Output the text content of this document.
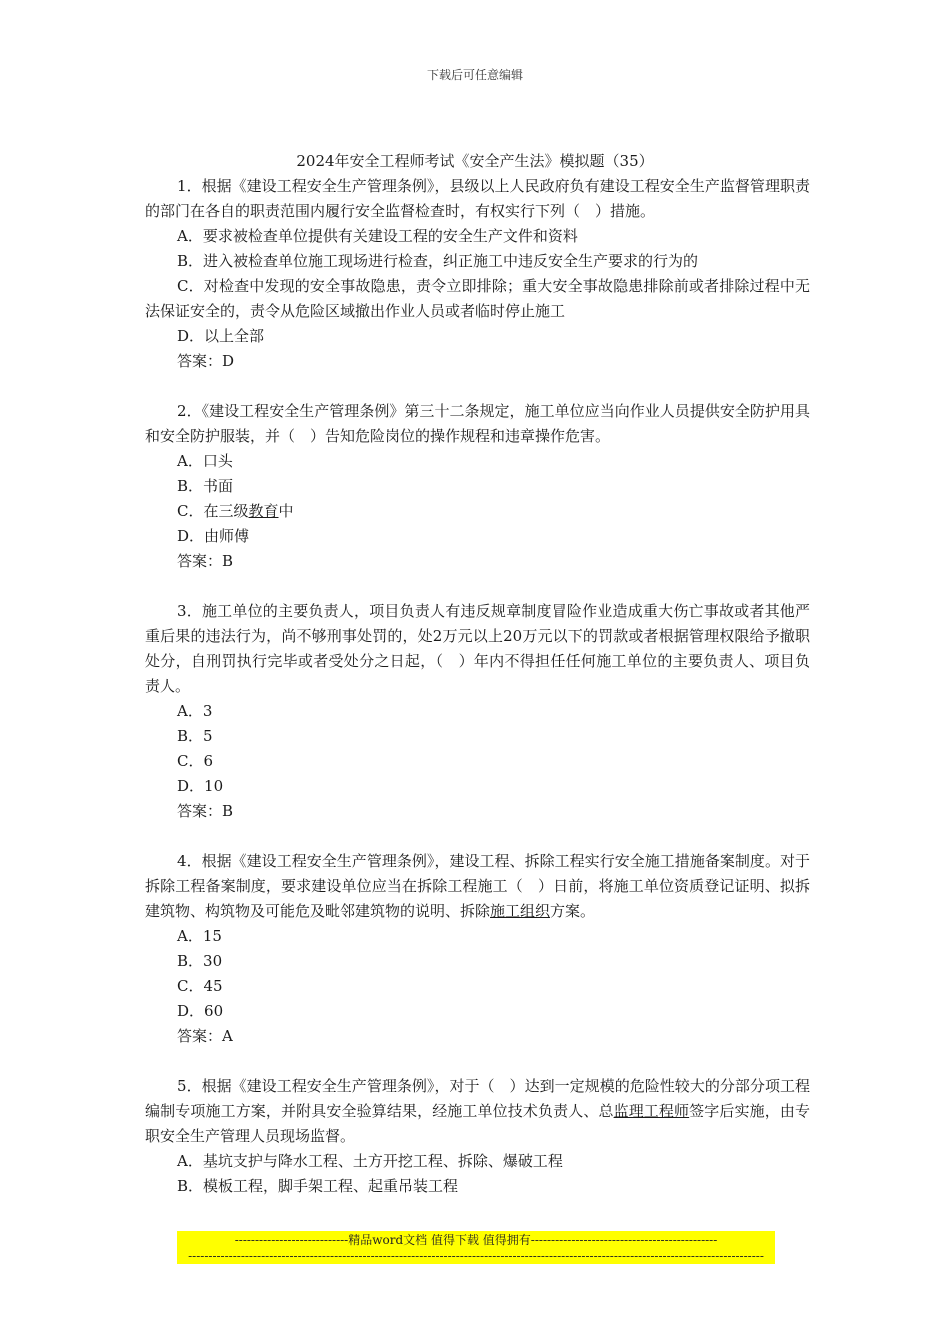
下载后可任意编辑
2024年安全工程师考试《安全产生法》模拟题（35）

1．根据《建设工程安全生产管理条例》，县级以上人民政府负有建设工程安全生产监督管理职责的部门在各自的职责范围内履行安全监督检查时，有权实行下列（　）措施。

A．要求被检查单位提供有关建设工程的安全生产文件和资料

B．进入被检查单位施工现场进行检查，纠正施工中违反安全生产要求的行为的

C．对检查中发现的安全事故隐患，责令立即排除；重大安全事故隐患排除前或者排除过程中无法保证安全的，责令从危险区域撤出作业人员或者临时停止施工

D．以上全部

答案：D

2．《建设工程安全生产管理条例》第三十二条规定，施工单位应当向作业人员提供安全防护用具和安全防护服装，并（　）告知危险岗位的操作规程和违章操作危害。

A．口头

B．书面

C．在三级教育中

D．由师傅

答案：B

3．施工单位的主要负责人，项目负责人有违反规章制度冒险作业造成重大伤亡事故或者其他严重后果的违法行为，尚不够刑事处罚的，处2万元以上20万元以下的罚款或者根据管理权限给予撤职处分，自刑罚执行完毕或者受处分之日起，（　）年内不得担任任何施工单位的主要负责人、项目负责人。

A．3

B．5

C．6

D．10

答案：B

4．根据《建设工程安全生产管理条例》，建设工程、拆除工程实行安全施工措施备案制度。对于拆除工程备案制度，要求建设单位应当在拆除工程施工（　）日前，将施工单位资质登记证明、拟拆建筑物、构筑物及可能危及毗邻建筑物的说明、拆除施工组织方案。

A．15

B．30

C．45

D．60

答案：A

5．根据《建设工程安全生产管理条例》，对于（　）达到一定规模的危险性较大的分部分项工程编制专项施工方案，并附具安全验算结果，经施工单位技术负责人、总监理工程师签字后实施，由专职安全生产管理人员现场监督。

A．基坑支护与降水工程、土方开挖工程、拆除、爆破工程

B．模板工程，脚手架工程、起重吊装工程

----------------------------精品word文档 值得下载 值得拥有----------------------------------------------
----------------------------------------------------------------------------------------------------------------------------------------------
